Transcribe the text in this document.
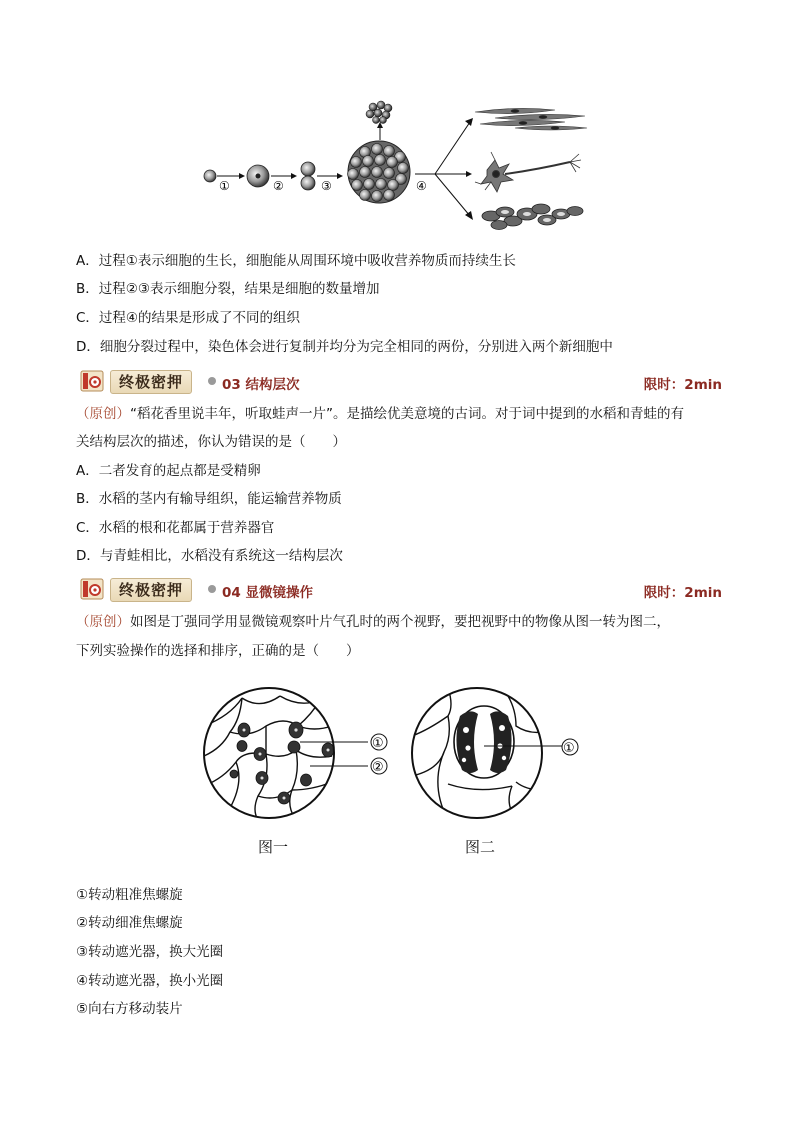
①	②	③	④
A．过程①表示细胞的生长，细胞能从周围环境中吸收营养物质而持续生长
B．过程②③表示细胞分裂，结果是细胞的数量增加
C．过程④的结果是形成了不同的组织
D．细胞分裂过程中，染色体会进行复制并均分为完全相同的两份，分别进入两个新细胞中
终极密押	03 结构层次	限时：2min
（原创）“稻花香里说丰年，听取蛙声一片”。是描绘优美意境的古词。对于词中提到的水稻和青蛙的有
关结构层次的描述，你认为错误的是（　　）
A．二者发育的起点都是受精卵
B．水稻的茎内有输导组织，能运输营养物质
C．水稻的根和花都属于营养器官
D．与青蛙相比，水稻没有系统这一结构层次
终极密押	04 显微镜操作	限时：2min
（原创）如图是丁强同学用显微镜观察叶片气孔时的两个视野，要把视野中的物像从图一转为图二，
下列实验操作的选择和排序，正确的是（　　）
①
②
图一
①
图二
①转动粗准焦螺旋
②转动细准焦螺旋
③转动遮光器，换大光圈
④转动遮光器，换小光圈
⑤向右方移动装片
